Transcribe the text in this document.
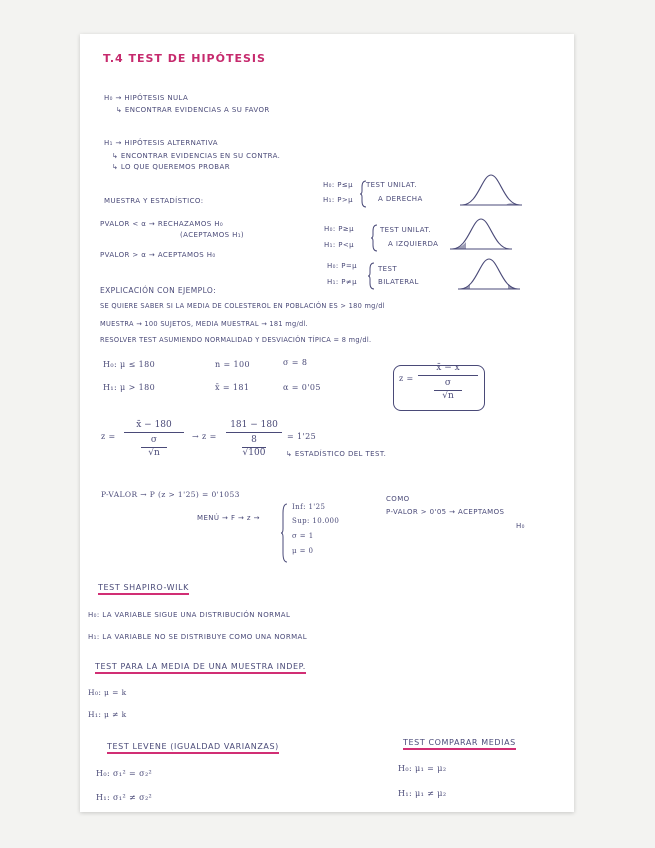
T.4 TEST DE HIPÓTESIS
H₀ → HIPÓTESIS NULA
↳ ENCONTRAR EVIDENCIAS A SU FAVOR
H₁ → HIPÓTESIS ALTERNATIVA
↳ ENCONTRAR EVIDENCIAS EN SU CONTRA.
↳ LO QUE QUEREMOS PROBAR
MUESTRA Y ESTADÍSTICO:
PVALOR < α → RECHAZAMOS H₀
(ACEPTAMOS H₁)
PVALOR > α → ACEPTAMOS H₀
H₀: P≤μ
H₁: P>μ
TEST UNILAT.
A DERECHA
H₀: P≥μ
H₁: P<μ
TEST UNILAT.
A IZQUIERDA
H₀: P=μ
H₁: P≠μ
TEST
BILATERAL
EXPLICACIÓN CON EJEMPLO:
SE QUIERE SABER SI LA MEDIA DE COLESTEROL EN POBLACIÓN ES > 180 mg/dl
MUESTRA → 100 SUJETOS, MEDIA MUESTRAL → 181 mg/dl.
RESOLVER TEST ASUMIENDO NORMALIDAD Y DESVIACIÓN TÍPICA = 8 mg/dl.
H₀: μ ≤ 180
H₁: μ > 180
n = 100
x̄ = 181
σ = 8
α = 0'05
z =
x̄ − x
σ
√n
z =
x̄ − 180
σ
√n
→ z =
181 − 180
8
√100
= 1'25
↳ ESTADÍSTICO DEL TEST.
P-VALOR → P (z > 1'25) = 0'1053
MENÚ → F → z →
Inf: 1'25
Sup: 10.000
σ = 1
μ = 0
COMO
P-VALOR > 0'05 → ACEPTAMOS
H₀
TEST SHAPIRO-WILK
H₀: LA VARIABLE SIGUE UNA DISTRIBUCIÓN NORMAL
H₁: LA VARIABLE NO SE DISTRIBUYE COMO UNA NORMAL
TEST PARA LA MEDIA DE UNA MUESTRA INDEP.
H₀: μ = k
H₁: μ ≠ k
TEST LEVENE (IGUALDAD VARIANZAS)
H₀: σ₁² = σ₂²
H₁: σ₁² ≠ σ₂²
TEST COMPARAR MEDIAS
H₀: μ₁ = μ₂
H₁: μ₁ ≠ μ₂
